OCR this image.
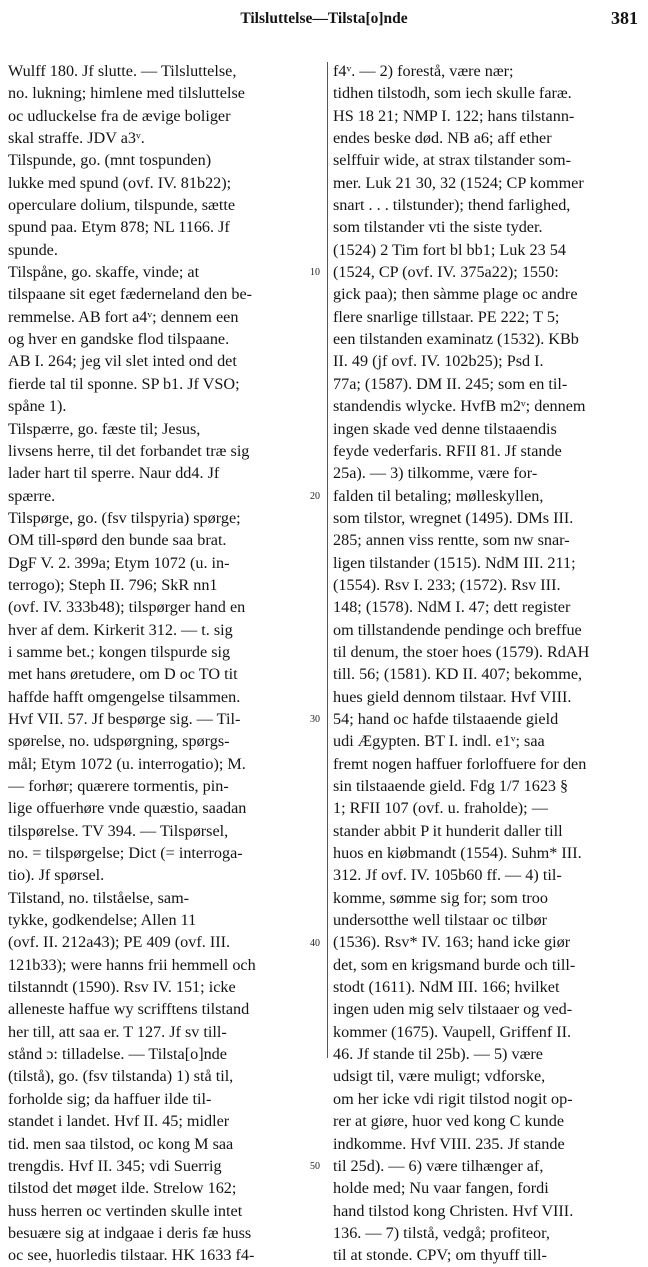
Tilsluttelse—Tilsta[o]nde	381
Wulff 180. Jf slutte. — Tilsluttelse,
no. lukning; himlene med tilsluttelse
oc udluckelse fra de ævige boliger
skal straffe. JDV a3ᵛ.
Tilspunde, go. (mnt tospunden)
lukke med spund (ovf. IV. 81b22);
operculare dolium, tilspunde, sætte
spund paa. Etym 878; NL 1166. Jf
spunde.
Tilspåne, go. skaffe, vinde; at
tilspaane sit eget fæderneland den be-
remmelse. AB fort a4ᵛ; dennem een
og hver en gandske flod tilspaane.
AB I. 264; jeg vil slet inted ond det
fierde tal til sponne. SP b1. Jf VSO;
spåne 1).
Tilspærre, go. fæste til; Jesus,
livsens herre, til det forbandet træ sig
lader hart til sperre. Naur dd4. Jf
spærre.
Tilspørge, go. (fsv tilspyria) spørge;
OM till-spørd den bunde saa brat.
DgF V. 2. 399a; Etym 1072 (u. in-
terrogo); Steph II. 796; SkR nn1
(ovf. IV. 333b48); tilspørger hand en
hver af dem. Kirkerit 312. — t. sig
i samme bet.; kongen tilspurde sig
met hans øretudere, om D oc TO tit
haffde hafft omgengelse tilsammen.
Hvf VII. 57. Jf bespørge sig. — Til-
spørelse, no. udspørgning, spørgs-
mål; Etym 1072 (u. interrogatio); M.
— forhør; quærere tormentis, pin-
lige offuerhøre vnde quæstio, saadan
tilspørelse. TV 394. — Tilspørsel,
no. = tilspørgelse; Dict (= interroga-
tio). Jf spørsel.
Tilstand, no. tilståelse, sam-
tykke, godkendelse; Allen 11
(ovf. II. 212a43); PE 409 (ovf. III.
121b33); were hanns frii hemmell och
tilstanndt (1590). Rsv IV. 151; icke
alleneste haffue wy scrifftens tilstand
her till, att saa er. T 127. Jf sv till-
stånd ɔ: tilladelse. — Tilsta[o]nde
(tilstå), go. (fsv tilstanda) 1) stå til,
forholde sig; da haffuer ilde til-
standet i landet. Hvf II. 45; midler
tid. men saa tilstod, oc kong M saa
trengdis. Hvf II. 345; vdi Suerrig
tilstod det møget ilde. Strelow 162;
huss herren oc vertinden skulle intet
besuære sig at indgaae i deris fæ huss
oc see, huorledis tilstaar. HK 1633 f4-
10
20
30
40
50
f4ᵛ. — 2) forestå, være nær;
tidhen tilstodh, som iech skulle faræ.
HS 18 21; NMP I. 122; hans tilstann-
endes beske død. NB a6; aff ether
selffuir wide, at strax tilstander som-
mer. Luk 21 30, 32 (1524; CP kommer
snart . . . tilstunder); thend farlighed,
som tilstander vti the siste tyder.
(1524) 2 Tim fort bl bb1; Luk 23 54
(1524, CP (ovf. IV. 375a22); 1550:
gick paa); then sàmme plage oc andre
flere snarlige tillstaar. PE 222; T 5;
een tilstanden examinatz (1532). KBb
II. 49 (jf ovf. IV. 102b25); Psd I.
77a; (1587). DM II. 245; som en til-
standendis wlycke. HvfB m2ᵛ; dennem
ingen skade ved denne tilstaaendis
feyde vederfaris. RFII 81. Jf stande
25a). — 3) tilkomme, være for-
falden til betaling; mølleskyllen,
som tilstor, wregnet (1495). DMs III.
285; annen viss rentte, som nw snar-
ligen tilstander (1515). NdM III. 211;
(1554). Rsv I. 233; (1572). Rsv III.
148; (1578). NdM I. 47; dett register
om tillstandende pendinge och breffue
til denum, the stoer hoes (1579). RdAH
till. 56; (1581). KD II. 407; bekomme,
hues gield dennom tilstaar. Hvf VIII.
54; hand oc hafde tilstaaende gield
udi Ægypten. BT I. indl. e1ᵛ; saa
fremt nogen haffuer forloffuere for den
sin tilstaaende gield. Fdg 1/7 1623 §
1; RFII 107 (ovf. u. fraholde); —
stander abbit P it hunderit daller till
huos en kiøbmandt (1554). Suhm* III.
312. Jf ovf. IV. 105b60 ff. — 4) til-
komme, sømme sig for; som troo
undersotthe well tilstaar oc tilbør
(1536). Rsv* IV. 163; hand icke giør
det, som en krigsmand burde och till-
stodt (1611). NdM III. 166; hvilket
ingen uden mig selv tilstaaer og ved-
kommer (1675). Vaupell, Griffenf II.
46. Jf stande til 25b). — 5) være
udsigt til, være muligt; vdforske,
om her icke vdi rigit tilstod nogit op-
rer at giøre, huor ved kong C kunde
indkomme. Hvf VIII. 235. Jf stande
til 25d). — 6) være tilhænger af,
holde med; Nu vaar fangen, fordi
hand tilstod kong Christen. Hvf VIII.
136. — 7) tilstå, vedgå; profiteor,
til at stonde. CPV; om thyuff till-
